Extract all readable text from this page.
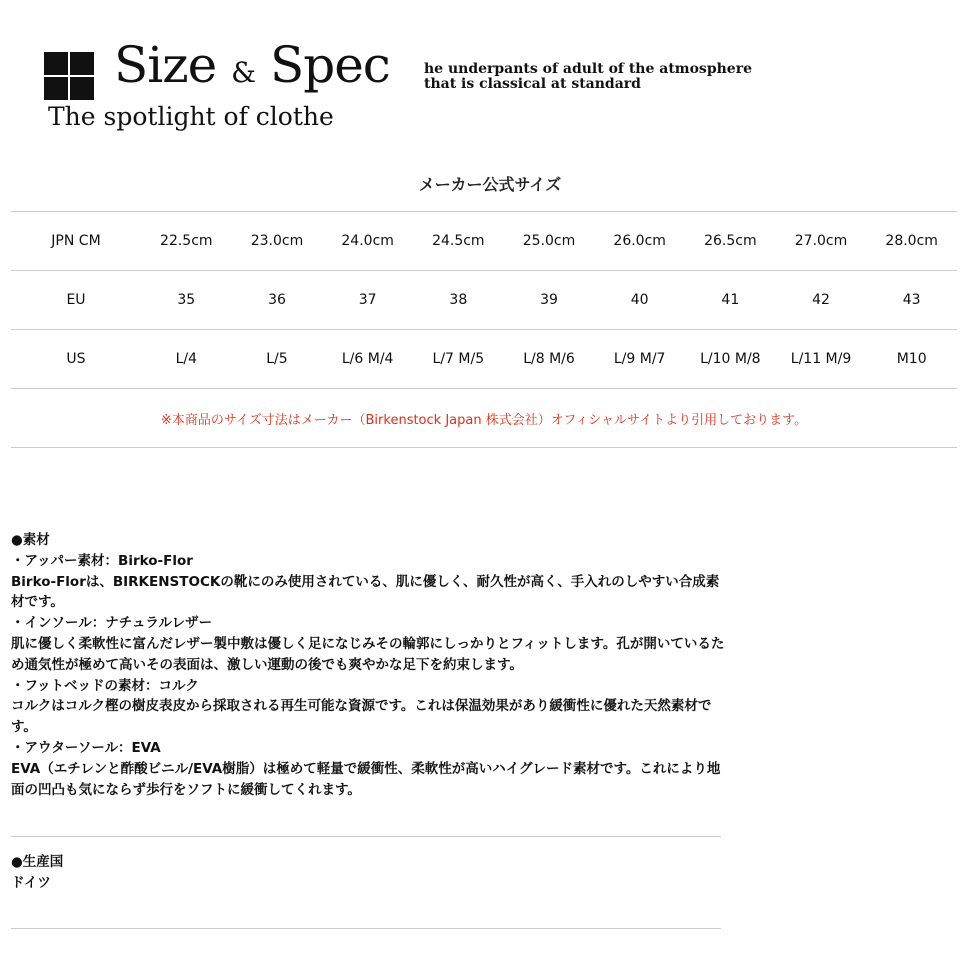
Size & Spec
The spotlight of clothe
he underpants of adult of the atmosphere
that is classical at standard
メーカー公式サイズ
JPN CM	22.5cm	23.0cm	24.0cm	24.5cm	25.0cm	26.0cm	26.5cm	27.0cm	28.0cm
EU	35	36	37	38	39	40	41	42	43
US	L/4	L/5	L/6 M/4	L/7 M/5	L/8 M/6	L/9 M/7	L/10 M/8	L/11 M/9	M10
※本商品のサイズ寸法はメーカー（Birkenstock Japan 株式会社）オフィシャルサイトより引用しております。

●素材

・アッパー素材：Birko-Flor

Birko-Florは、BIRKENSTOCKの靴にのみ使用されている、肌に優しく、耐久性が高く、手入れのしやすい合成素材です。

・インソール：ナチュラルレザー

肌に優しく柔軟性に富んだレザー製中敷は優しく足になじみその輪郭にしっかりとフィットします。孔が開いているため通気性が極めて高いその表面は、激しい運動の後でも爽やかな足下を約束します。

・フットベッドの素材：コルク

コルクはコルク樫の樹皮表皮から採取される再生可能な資源です。これは保温効果があり緩衝性に優れた天然素材です。

・アウターソール：EVA

EVA（エチレンと酢酸ビニル/EVA樹脂）は極めて軽量で緩衝性、柔軟性が高いハイグレード素材です。これにより地面の凹凸も気にならず歩行をソフトに緩衝してくれます。

●生産国

ドイツ
